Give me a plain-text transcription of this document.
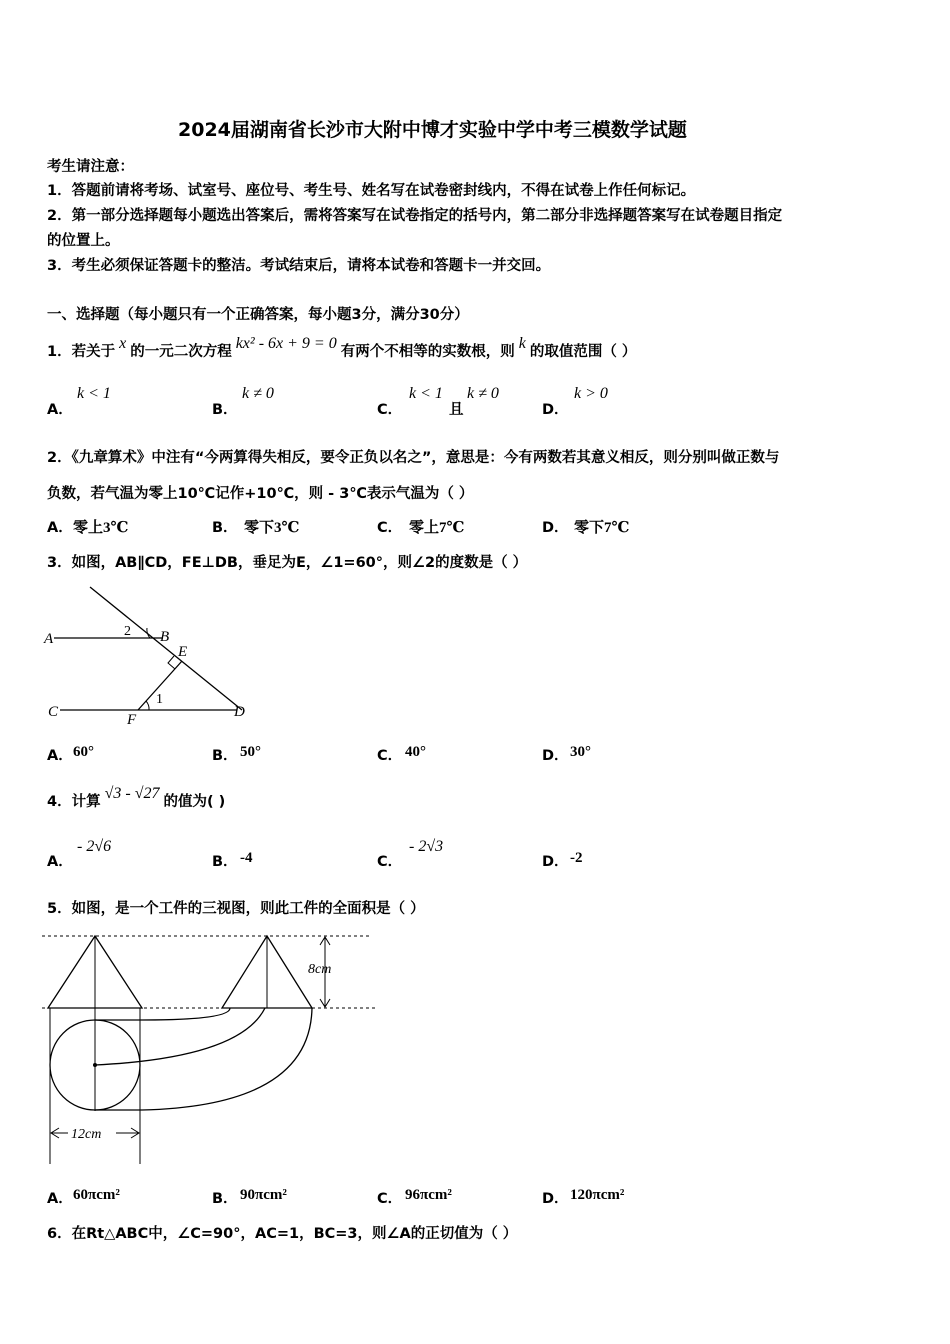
2024届湖南省长沙市大附中博才实验中学中考三模数学试题
考生请注意：
1．答题前请将考场、试室号、座位号、考生号、姓名写在试卷密封线内，不得在试卷上作任何标记。
2．第一部分选择题每小题选出答案后，需将答案写在试卷指定的括号内，第二部分非选择题答案写在试卷题目指定
的位置上。
3．考生必须保证答题卡的整洁。考试结束后，请将本试卷和答题卡一并交回。
一、选择题（每小题只有一个正确答案，每小题3分，满分30分）
1．若关于 x 的一元二次方程 kx² - 6x + 9 = 0 有两个不相等的实数根，则 k 的取值范围（ ）
A．
k < 1
B．
k ≠ 0
C．
k < 1
且
k ≠ 0
D．
k > 0
2．《九章算术》中注有“今两算得失相反，要令正负以名之”，意思是：今有两数若其意义相反，则分别叫做正数与
负数，若气温为零上10℃记作+10℃，则 - 3℃表示气温为（ ）
A． 零上3℃	B． 零下3℃	C． 零上7℃	D． 零下7℃
3．如图，AB∥CD，FE⊥DB，垂足为E，∠1=60°，则∠2的度数是（ ）
A	2 B
E
1
C	F	D
A． 60°	B． 50°	C． 40°	D． 30°
4．计算 √3 - √27 的值为( )
A．
- 2√6
B． -4	C．
- 2√3
D． -2
5．如图，是一个工件的三视图，则此工件的全面积是（ ）
8cm
12cm
A． 60πcm²	B． 90πcm²	C． 96πcm²	D． 120πcm²
6．在Rt△ABC中，∠C=90°，AC=1，BC=3，则∠A的正切值为（ ）
